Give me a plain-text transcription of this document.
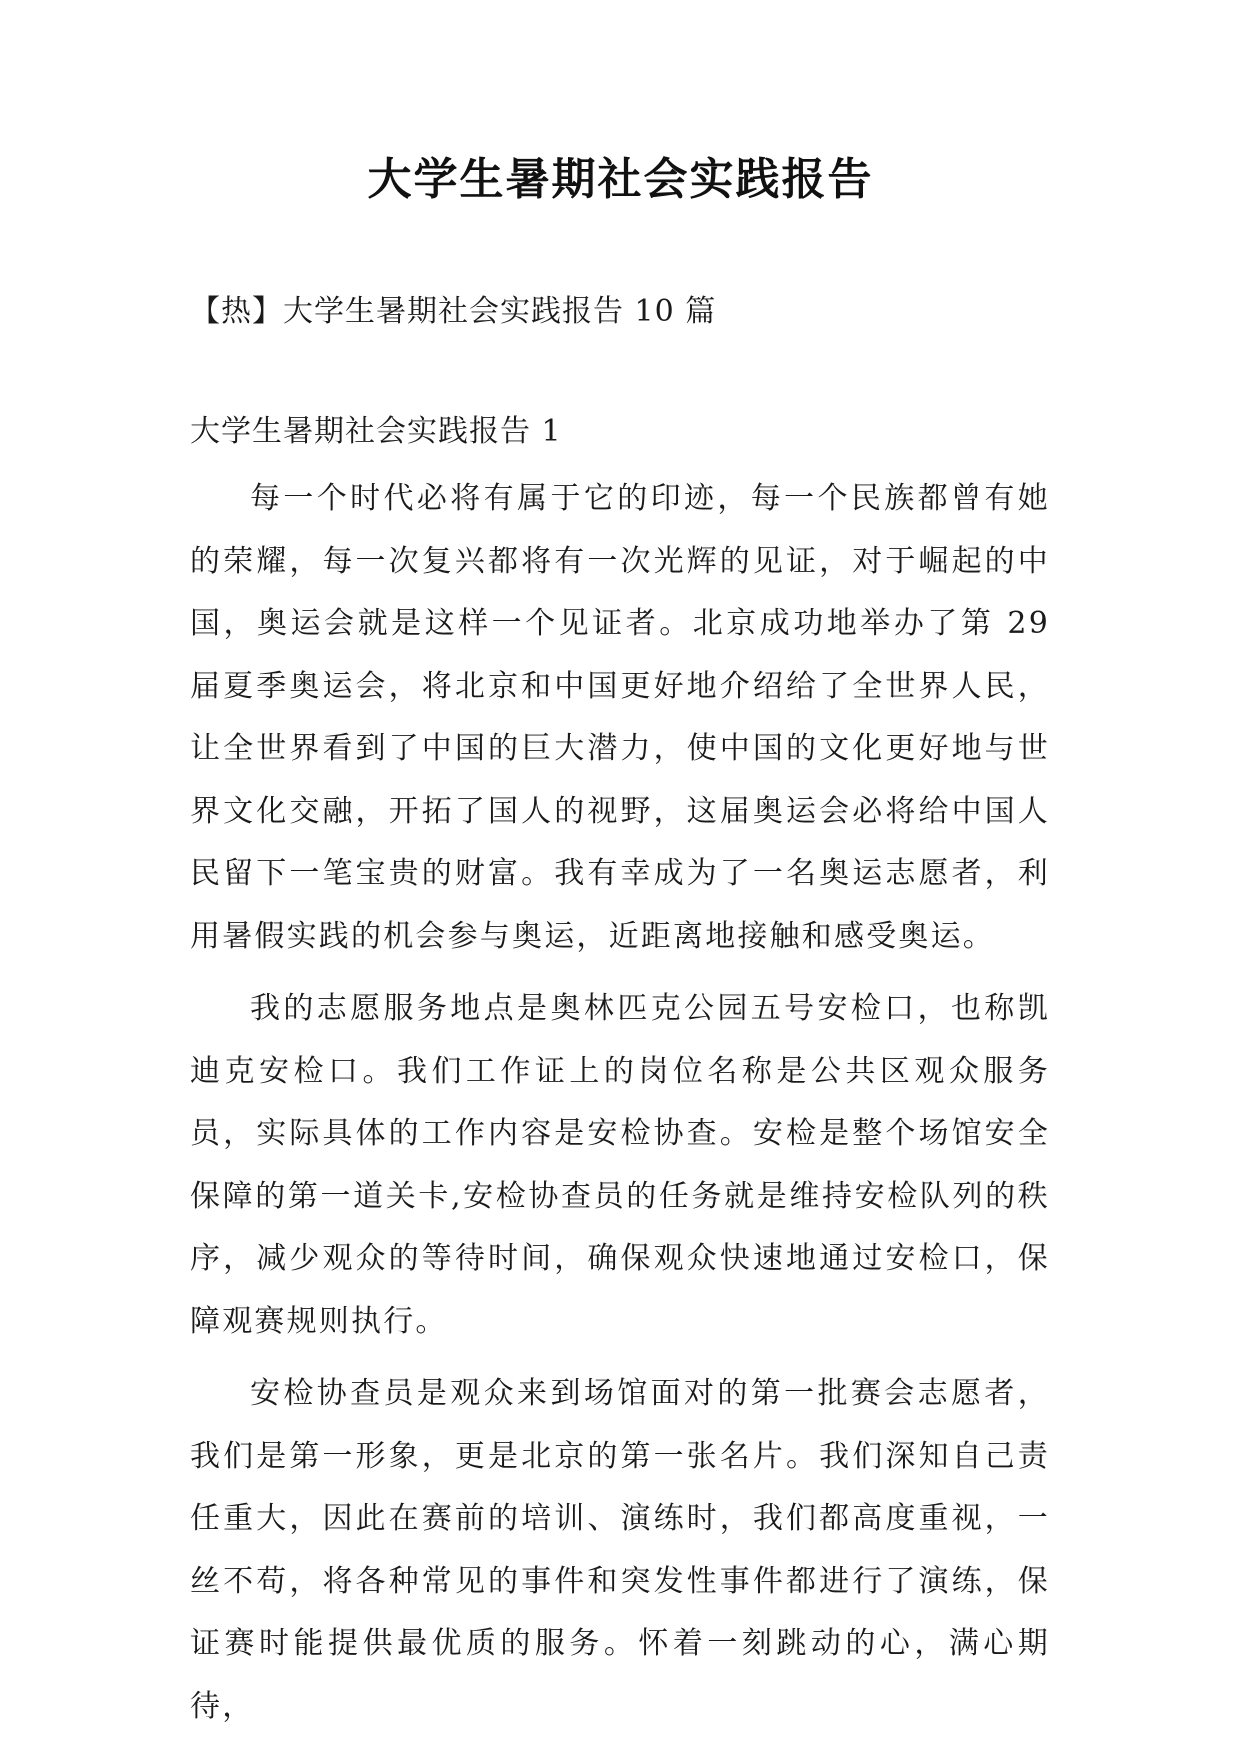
大学生暑期社会实践报告
【热】大学生暑期社会实践报告 10 篇
大学生暑期社会实践报告 1

每一个时代必将有属于它的印迹，每一个民族都曾有她的荣耀，每一次复兴都将有一次光辉的见证，对于崛起的中国，奥运会就是这样一个见证者。北京成功地举办了第 29 届夏季奥运会，将北京和中国更好地介绍给了全世界人民，让全世界看到了中国的巨大潜力，使中国的文化更好地与世界文化交融，开拓了国人的视野，这届奥运会必将给中国人民留下一笔宝贵的财富。我有幸成为了一名奥运志愿者，利用暑假实践的机会参与奥运，近距离地接触和感受奥运。

我的志愿服务地点是奥林匹克公园五号安检口，也称凯迪克安检口。我们工作证上的岗位名称是公共区观众服务员，实际具体的工作内容是安检协查。安检是整个场馆安全保障的第一道关卡,安检协查员的任务就是维持安检队列的秩序，减少观众的等待时间，确保观众快速地通过安检口，保障观赛规则执行。

安检协查员是观众来到场馆面对的第一批赛会志愿者，我们是第一形象，更是北京的第一张名片。我们深知自己责任重大，因此在赛前的培训、演练时，我们都高度重视，一丝不苟，将各种常见的事件和突发性事件都进行了演练，保证赛时能提供最优质的服务。怀着一刻跳动的心，满心期待，
